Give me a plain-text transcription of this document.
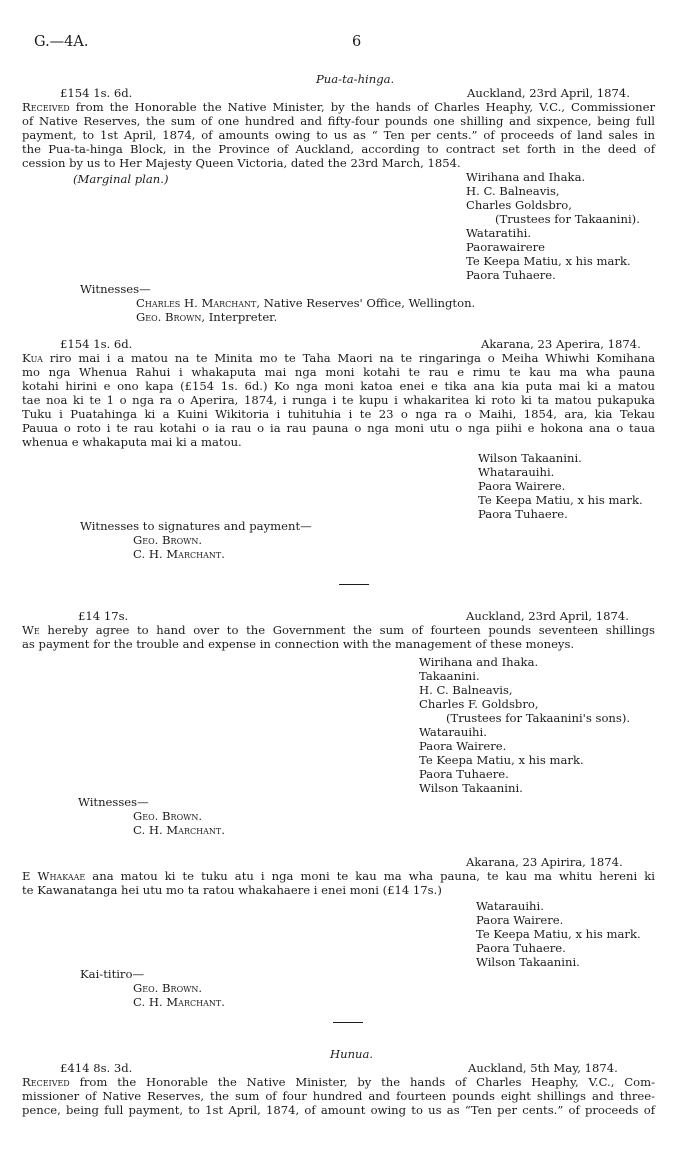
G.—4A.	6
Pua-ta-hinga.
£154 1s. 6d.	Auckland, 23rd April, 1874.
Received from the Honorable the Native Minister, by the hands of Charles Heaphy, V.C., Commissioner
of Native Reserves, the sum of one hundred and fifty-four pounds one shilling and sixpence, being full
payment, to 1st April, 1874, of amounts owing to us as “ Ten per cents.” of proceeds of land sales in
the Pua-ta-hinga Block, in the Province of Auckland, according to contract set forth in the deed of
cession by us to Her Majesty Queen Victoria, dated the 23rd March, 1854.
(Marginal plan.)	Wirihana and Ihaka.
H. C. Balneavis,
Charles Goldsbro,
(Trustees for Takaanini).
Wataratihi.
Paorawairere
Te Keepa Matiu, x his mark.
Paora Tuhaere.
Witnesses—
Charles H. Marchant, Native Reserves' Office, Wellington.
Geo. Brown, Interpreter.
£154 1s. 6d.	Akarana, 23 Aperira, 1874.
Kua riro mai i a matou na te Minita mo te Taha Maori na te ringaringa o Meiha Whiwhi Komihana
mo nga Whenua Rahui i whakaputa mai nga moni kotahi te rau e rimu te kau ma wha pauna
kotahi hirini e ono kapa (£154 1s. 6d.) Ko nga moni katoa enei e tika ana kia puta mai ki a matou
tae noa ki te 1 o nga ra o Aperira, 1874, i runga i te kupu i whakaritea ki roto ki ta matou pukapuka
Tuku i Puatahinga ki a Kuini Wikitoria i tuhituhia i te 23 o nga ra o Maihi, 1854, ara, kia Tekau
Pauua o roto i te rau kotahi o ia rau o ia rau pauna o nga moni utu o nga piihi e hokona ana o taua
whenua e whakaputa mai ki a matou.
Wilson Takaanini.
Whatarauihi.
Paora Wairere.
Te Keepa Matiu, x his mark.
Paora Tuhaere.
Witnesses to signatures and payment—
Geo. Brown.
C. H. Marchant.
£14 17s.	Auckland, 23rd April, 1874.
We hereby agree to hand over to the Government the sum of fourteen pounds seventeen shillings
as payment for the trouble and expense in connection with the management of these moneys.
Wirihana and Ihaka.
Takaanini.
H. C. Balneavis,
Charles F. Goldsbro,
(Trustees for Takaanini's sons).
Watarauihi.
Paora Wairere.
Te Keepa Matiu, x his mark.
Paora Tuhaere.
Wilson Takaanini.
Witnesses—
Geo. Brown.
C. H. Marchant.
Akarana, 23 Apirira, 1874.
E Whakaae ana matou ki te tuku atu i nga moni te kau ma wha pauna, te kau ma whitu hereni ki
te Kawanatanga hei utu mo ta ratou whakahaere i enei moni (£14 17s.)
Watarauihi.
Paora Wairere.
Te Keepa Matiu, x his mark.
Paora Tuhaere.
Wilson Takaanini.
Kai-titiro—
Geo. Brown.
C. H. Marchant.
Hunua.
£414 8s. 3d.	Auckland, 5th May, 1874.
Received from the Honorable the Native Minister, by the hands of Charles Heaphy, V.C., Com-
missioner of Native Reserves, the sum of four hundred and fourteen pounds eight shillings and three-
pence, being full payment, to 1st April, 1874, of amount owing to us as “Ten per cents.” of proceeds of
